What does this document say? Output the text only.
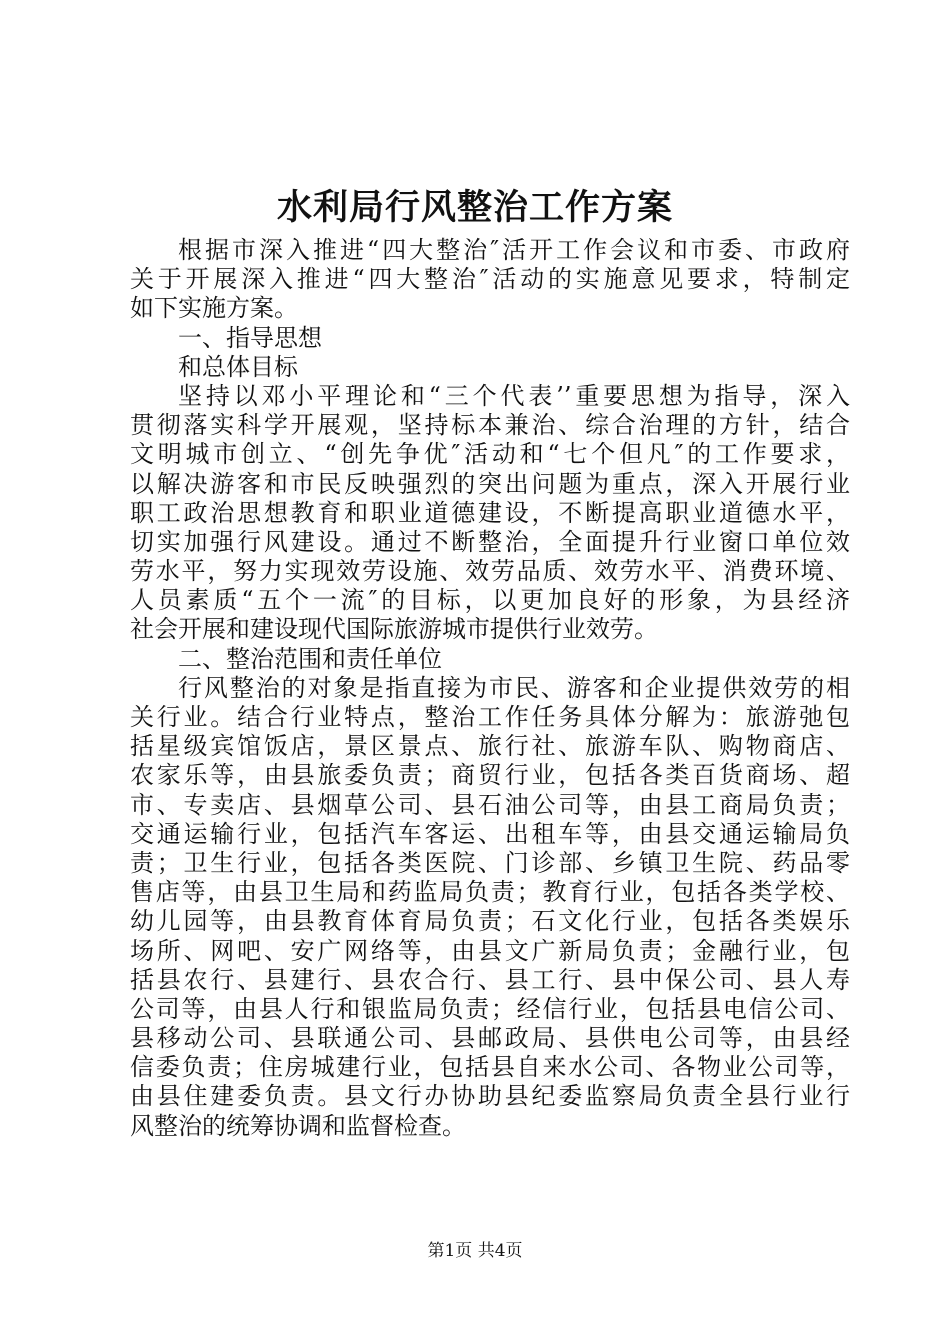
水利局行风整治工作方案
根据市深入推进“四大整治″活开工作会议和市委、市政府
关于开展深入推进“四大整治″活动的实施意见要求，特制定
如下实施方案。
一、指导思想
和总体目标
坚持以邓小平理论和“三个代表’’重要思想为指导，深入
贯彻落实科学开展观，坚持标本兼治、综合治理的方针，结合
文明城市创立、“创先争优″活动和“七个但凡″的工作要求，
以解决游客和市民反映强烈的突出问题为重点，深入开展行业
职工政治思想教育和职业道德建设，不断提高职业道德水平，
切实加强行风建设。通过不断整治，全面提升行业窗口单位效
劳水平，努力实现效劳设施、效劳品质、效劳水平、消费环境、
人员素质“五个一流″的目标，以更加良好的形象，为县经济
社会开展和建设现代国际旅游城市提供行业效劳。
二、整治范围和责任单位
行风整治的对象是指直接为市民、游客和企业提供效劳的相
关行业。结合行业特点，整治工作任务具体分解为：旅游弛包
括星级宾馆饭店，景区景点、旅行社、旅游车队、购物商店、
农家乐等，由县旅委负责；商贸行业，包括各类百货商场、超
市、专卖店、县烟草公司、县石油公司等，由县工商局负责；
交通运输行业，包括汽车客运、出租车等，由县交通运输局负
责；卫生行业，包括各类医院、门诊部、乡镇卫生院、药品零
售店等，由县卫生局和药监局负责；教育行业，包括各类学校、
幼儿园等，由县教育体育局负责；石文化行业，包括各类娱乐
场所、网吧、安广网络等，由县文广新局负责；金融行业，包
括县农行、县建行、县农合行、县工行、县中保公司、县人寿
公司等，由县人行和银监局负责；经信行业，包括县电信公司、
县移动公司、县联通公司、县邮政局、县供电公司等，由县经
信委负责；住房城建行业，包括县自来水公司、各物业公司等，
由县住建委负责。县文行办协助县纪委监察局负责全县行业行
风整治的统筹协调和监督检查。
第1页 共4页
